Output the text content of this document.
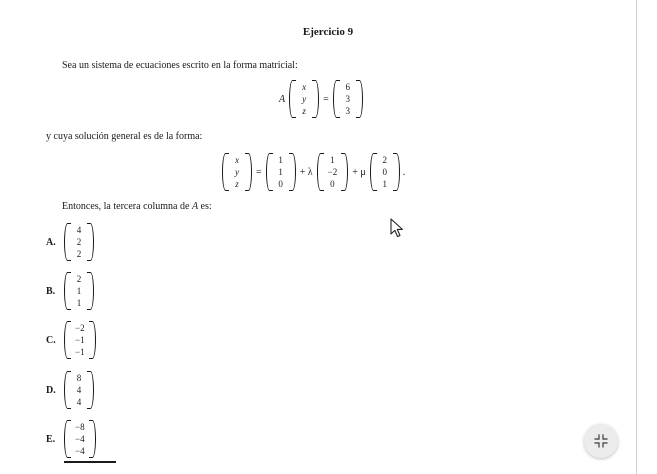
Ejercicio 9
Sea un sistema de ecuaciones escrito en la forma matricial:
A
x
y
z
=
6
3
3
y cuya solución general es de la forma:
x
y
z
=
1
1
0
+ λ
1
−2
0
+ μ
2
0
1
.
Entonces, la tercera columna de A es:
A.
4
2
2
B.
2
1
1
C.
−2
−1
−1
D.
8
4
4
E.
−8
−4
−4
